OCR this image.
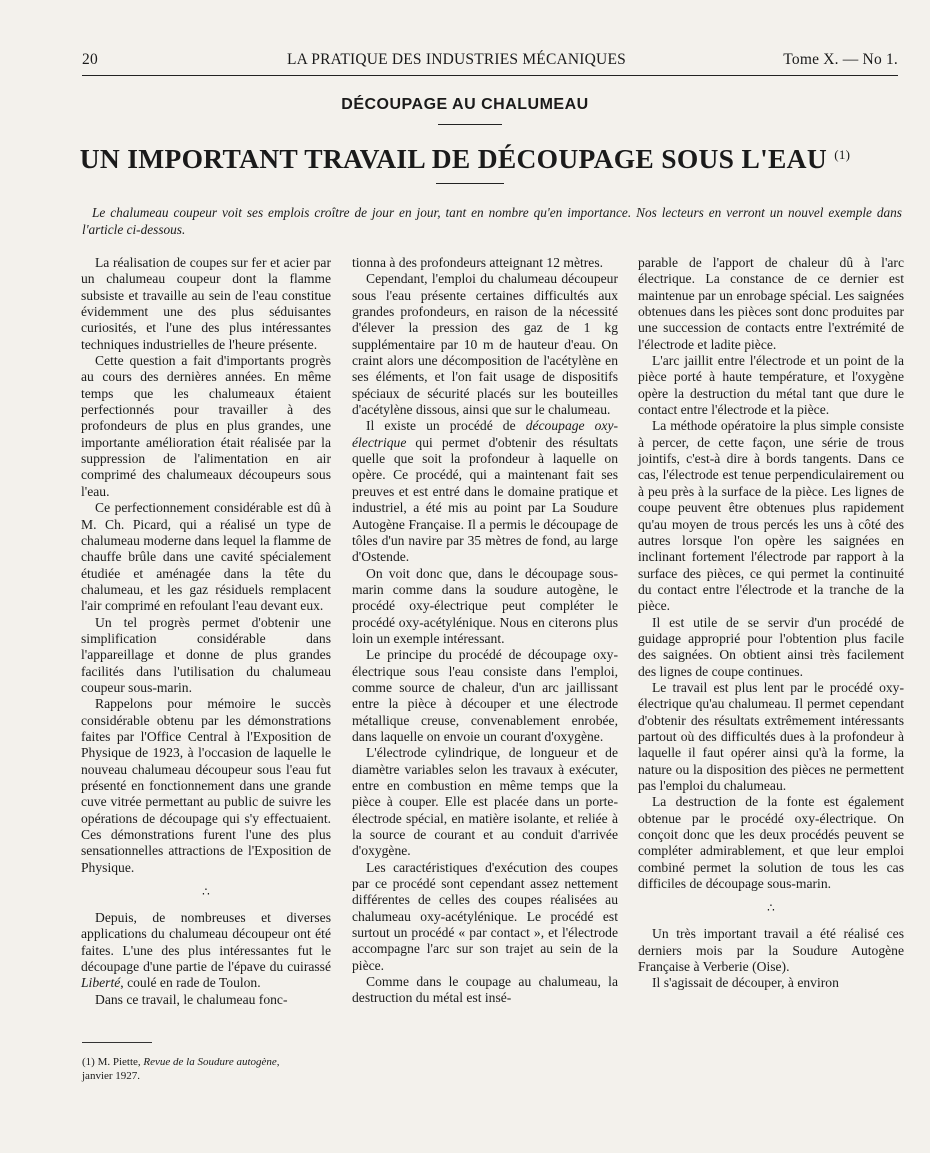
20	LA PRATIQUE DES INDUSTRIES MÉCANIQUES	Tome X. — No 1.
DÉCOUPAGE AU CHALUMEAU
UN IMPORTANT TRAVAIL DE DÉCOUPAGE SOUS L'EAU $^{(1)}$
Le chalumeau coupeur voit ses emplois croître de jour en jour, tant en nombre qu'en importance. Nos lecteurs en verront un nouvel exemple dans l'article ci-dessous.

La réalisation de coupes sur fer et acier par un chalumeau coupeur dont la flamme subsiste et travaille au sein de l'eau constitue évidemment une des plus séduisantes curiosités, et l'une des plus intéressantes techniques industrielles de l'heure présente.

Cette question a fait d'importants progrès au cours des dernières années. En même temps que les chalumeaux étaient perfectionnés pour travailler à des profondeurs de plus en plus grandes, une importante amélioration était réalisée par la suppression de l'alimentation en air comprimé des chalumeaux découpeurs sous l'eau.

Ce perfectionnement considérable est dû à M. Ch. Picard, qui a réalisé un type de chalumeau moderne dans lequel la flamme de chauffe brûle dans une cavité spécialement étudiée et aménagée dans la tête du chalumeau, et les gaz résiduels remplacent l'air comprimé en refoulant l'eau devant eux.

Un tel progrès permet d'obtenir une simplification considérable dans l'appareillage et donne de plus grandes facilités dans l'utilisation du chalumeau coupeur sous-marin.

Rappelons pour mémoire le succès considérable obtenu par les démonstrations faites par l'Office Central à l'Exposition de Physique de 1923, à l'occasion de laquelle le nouveau chalumeau découpeur sous l'eau fut présenté en fonctionnement dans une grande cuve vitrée permettant au public de suivre les opérations de découpage qui s'y effectuaient. Ces démonstrations furent l'une des plus sensationnelles attractions de l'Exposition de Physique.

∴

Depuis, de nombreuses et diverses applications du chalumeau découpeur ont été faites. L'une des plus intéressantes fut le découpage d'une partie de l'épave du cuirassé Liberté, coulé en rade de Toulon.

Dans ce travail, le chalumeau fonc-

tionna à des profondeurs atteignant 12 mètres.

Cependant, l'emploi du chalumeau découpeur sous l'eau présente certaines difficultés aux grandes profondeurs, en raison de la nécessité d'élever la pression des gaz de 1 kg supplémentaire par 10 m de hauteur d'eau. On craint alors une décomposition de l'acétylène en ses éléments, et l'on fait usage de dispositifs spéciaux de sécurité placés sur les bouteilles d'acétylène dissous, ainsi que sur le chalumeau.

Il existe un procédé de découpage oxy-électrique qui permet d'obtenir des résultats quelle que soit la profondeur à laquelle on opère. Ce procédé, qui a maintenant fait ses preuves et est entré dans le domaine pratique et industriel, a été mis au point par La Soudure Autogène Française. Il a permis le découpage de tôles d'un navire par 35 mètres de fond, au large d'Ostende.

On voit donc que, dans le découpage sous-marin comme dans la soudure autogène, le procédé oxy-électrique peut compléter le procédé oxy-acétylénique. Nous en citerons plus loin un exemple intéressant.

Le principe du procédé de découpage oxy-électrique sous l'eau consiste dans l'emploi, comme source de chaleur, d'un arc jaillissant entre la pièce à découper et une électrode métallique creuse, convenablement enrobée, dans laquelle on envoie un courant d'oxygène.

L'électrode cylindrique, de longueur et de diamètre variables selon les travaux à exécuter, entre en combustion en même temps que la pièce à couper. Elle est placée dans un porte-électrode spécial, en matière isolante, et reliée à la source de courant et au conduit d'arrivée d'oxygène.

Les caractéristiques d'exécution des coupes par ce procédé sont cependant assez nettement différentes de celles des coupes réalisées au chalumeau oxy-acétylénique. Le procédé est surtout un procédé « par contact », et l'électrode accompagne l'arc sur son trajet au sein de la pièce.

Comme dans le coupage au chalumeau, la destruction du métal est insé-

parable de l'apport de chaleur dû à l'arc électrique. La constance de ce dernier est maintenue par un enrobage spécial. Les saignées obtenues dans les pièces sont donc produites par une succession de contacts entre l'extrémité de l'électrode et ladite pièce.

L'arc jaillit entre l'électrode et un point de la pièce porté à haute température, et l'oxygène opère la destruction du métal tant que dure le contact entre l'électrode et la pièce.

La méthode opératoire la plus simple consiste à percer, de cette façon, une série de trous jointifs, c'est-à dire à bords tangents. Dans ce cas, l'électrode est tenue perpendiculairement ou à peu près à la surface de la pièce. Les lignes de coupe peuvent être obtenues plus rapidement qu'au moyen de trous percés les uns à côté des autres lorsque l'on opère les saignées en inclinant fortement l'électrode par rapport à la surface des pièces, ce qui permet la continuité du contact entre l'électrode et la tranche de la pièce.

Il est utile de se servir d'un procédé de guidage approprié pour l'obtention plus facile des saignées. On obtient ainsi très facilement des lignes de coupe continues.

Le travail est plus lent par le procédé oxy-électrique qu'au chalumeau. Il permet cependant d'obtenir des résultats extrêmement intéressants partout où des difficultés dues à la profondeur à laquelle il faut opérer ainsi qu'à la forme, la nature ou la disposition des pièces ne permettent pas l'emploi du chalumeau.

La destruction de la fonte est également obtenue par le procédé oxy-électrique. On conçoit donc que les deux procédés peuvent se compléter admirablement, et que leur emploi combiné permet la solution de tous les cas difficiles de découpage sous-marin.

∴

Un très important travail a été réalisé ces derniers mois par la Soudure Autogène Française à Verberie (Oise).

Il s'agissait de découper, à environ

(1) M. Piette, Revue de la Soudure autogène,
janvier 1927.
